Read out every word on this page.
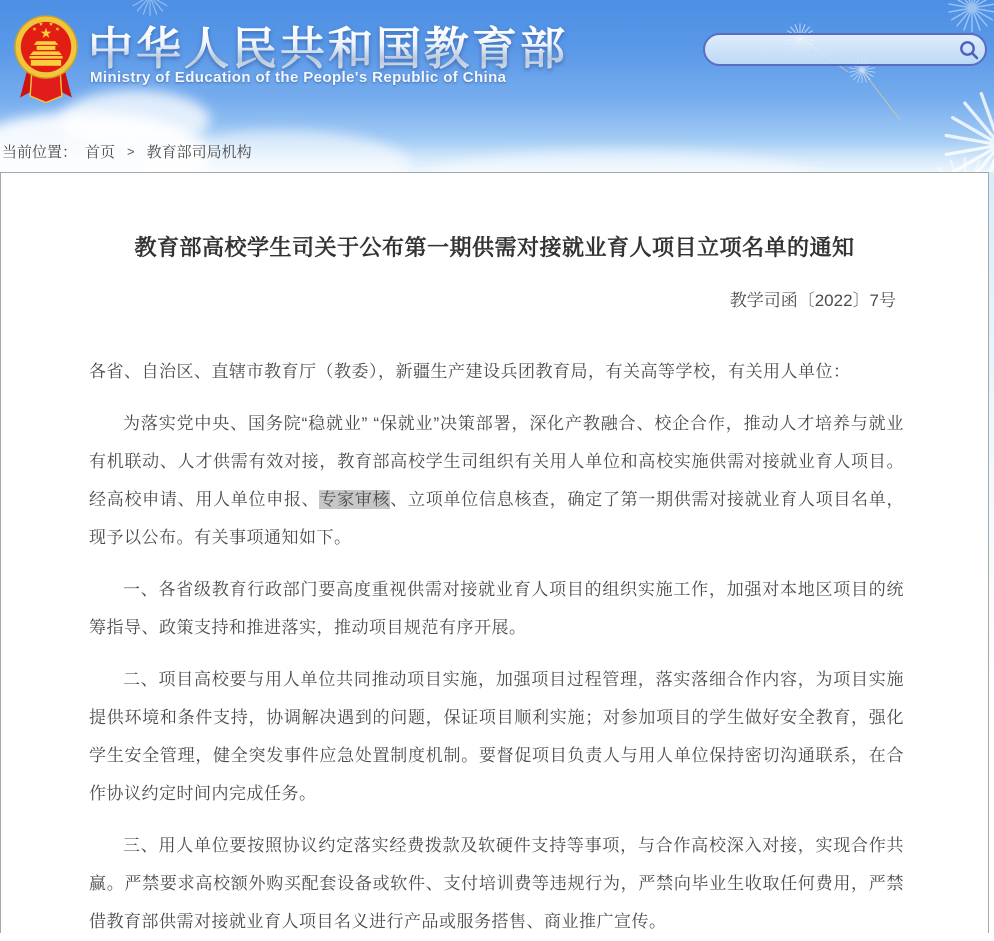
中华人民共和国教育部
Ministry of Education of the People's Republic of China
当前位置： 首页 > 教育部司局机构
教育部高校学生司关于公布第一期供需对接就业育人项目立项名单的通知
教学司函〔2022〕7号

各省、自治区、直辖市教育厅（教委），新疆生产建设兵团教育局，有关高等学校，有关用人单位：

为落实党中央、国务院“稳就业” “保就业”决策部署，深化产教融合、校企合作，推动人才培养与就业有机联动、人才供需有效对接，教育部高校学生司组织有关用人单位和高校实施供需对接就业育人项目。经高校申请、用人单位申报、专家审核、立项单位信息核查，确定了第一期供需对接就业育人项目名单，现予以公布。有关事项通知如下。

一、各省级教育行政部门要高度重视供需对接就业育人项目的组织实施工作，加强对本地区项目的统筹指导、政策支持和推进落实，推动项目规范有序开展。

二、项目高校要与用人单位共同推动项目实施，加强项目过程管理，落实落细合作内容，为项目实施提供环境和条件支持，协调解决遇到的问题，保证项目顺利实施；对参加项目的学生做好安全教育，强化学生安全管理，健全突发事件应急处置制度机制。要督促项目负责人与用人单位保持密切沟通联系，在合作协议约定时间内完成任务。

三、用人单位要按照协议约定落实经费拨款及软硬件支持等事项，与合作高校深入对接，实现合作共赢。严禁要求高校额外购买配套设备或软件、支付培训费等违规行为，严禁向毕业生收取任何费用，严禁借教育部供需对接就业育人项目名义进行产品或服务搭售、商业推广宣传。
